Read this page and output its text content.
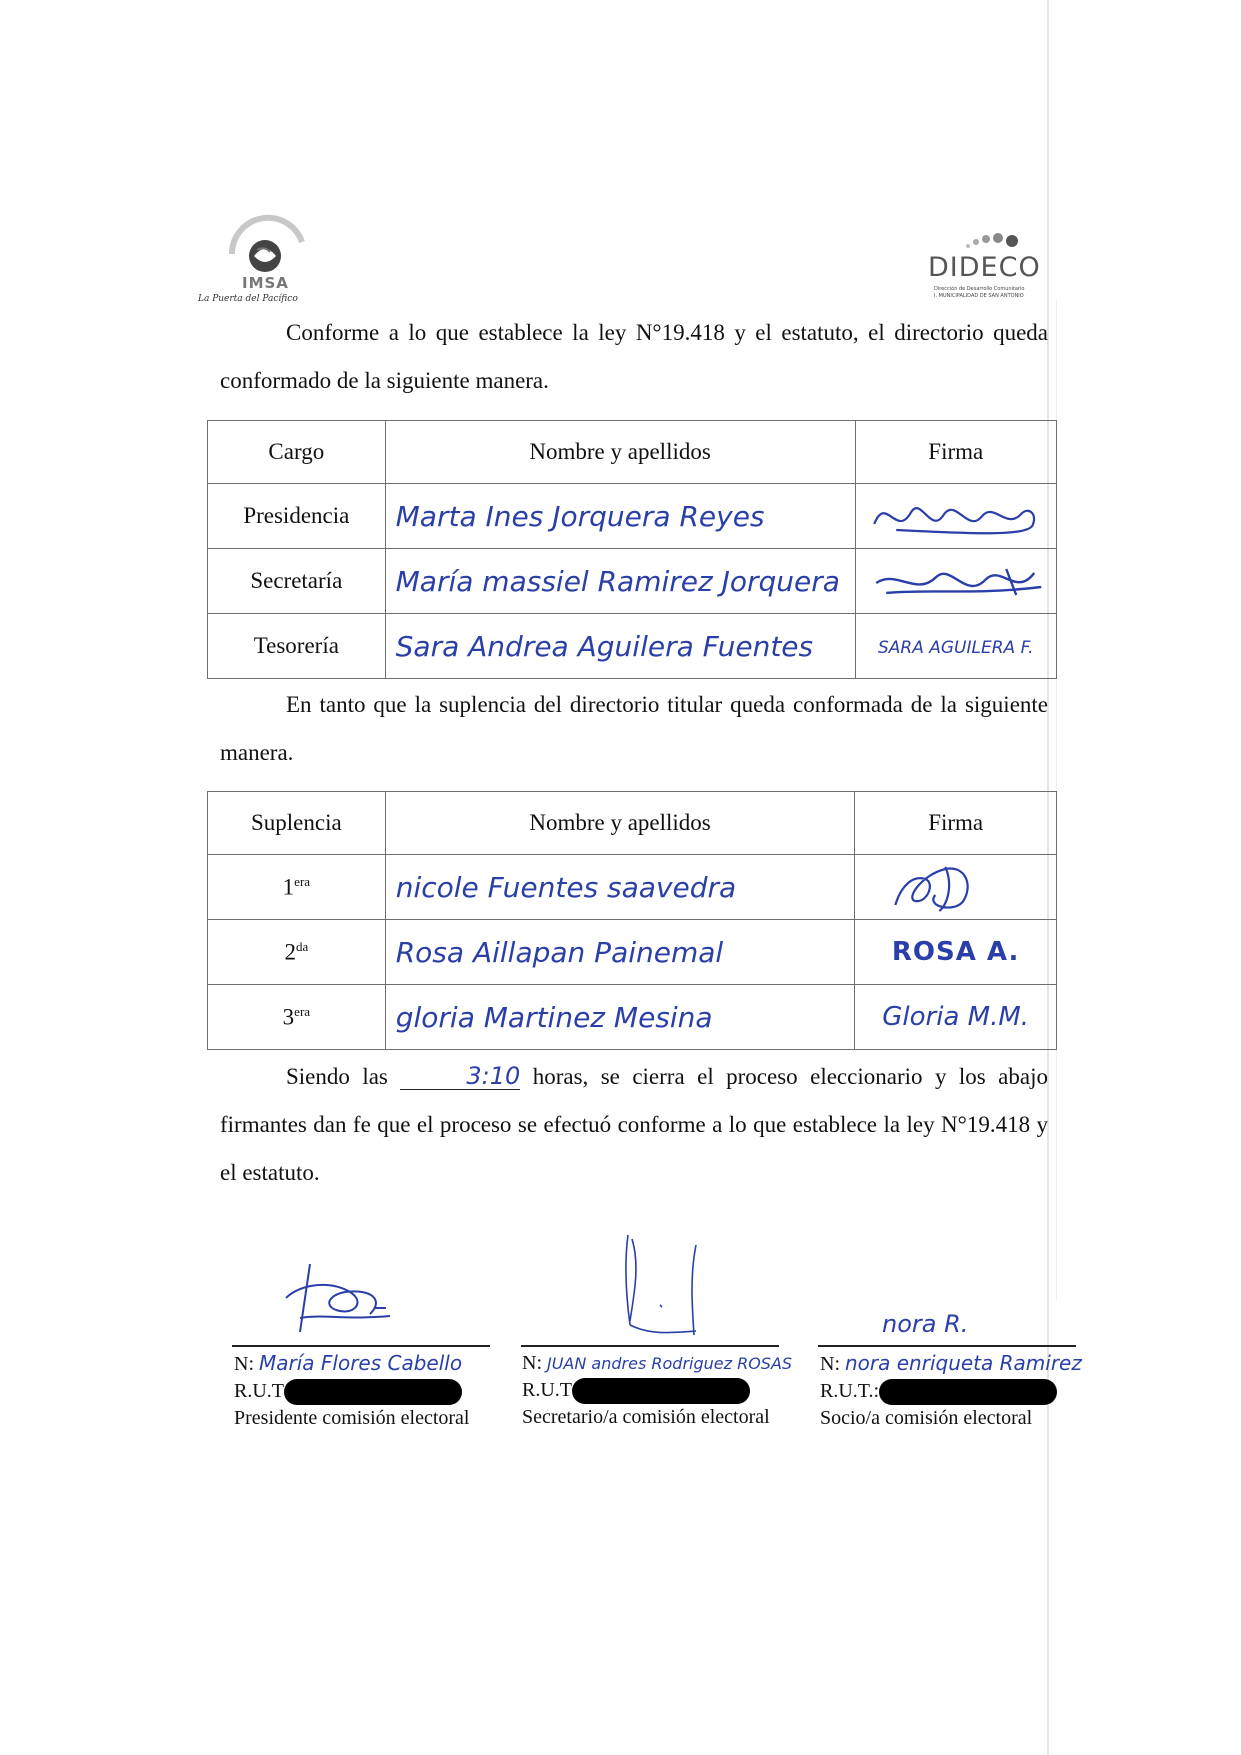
IMSA
La Puerta del Pacífico
DIDECO
Dirección de Desarrollo Comunitario
I. MUNICIPALIDAD DE SAN ANTONIO
Conforme a lo que establece la ley N°19.418 y el estatuto, el directorio queda conformado de la siguiente manera.
Cargo	Nombre y apellidos	Firma
Presidencia	Marta Ines Jorquera Reyes	

Secretaría	María massiel Ramirez Jorquera	

Tesorería	Sara Andrea Aguilera Fuentes	SARA AGUILERA F.
En tanto que la suplencia del directorio titular queda conformada de la siguiente manera.
Suplencia	Nombre y apellidos	Firma
$1^{era}$	nicole Fuentes saavedra	

$2^{da}$	Rosa Aillapan Painemal	ROSA A.
$3^{era}$	gloria Martinez Mesina	Gloria M.M.
Siendo las	3:10 horas, se cierra el proceso eleccionario y los abajo firmantes dan fe que el proceso se efectuó conforme a lo que establece la ley N°19.418 y el estatuto.
nora R.
N: María Flores Cabello
R.U.T
Presidente comisión electoral
N: JUAN andres Rodriguez ROSAS
R.U.T
Secretario/a comisión electoral
N: nora enriqueta Ramirez
R.U.T.:
Socio/a comisión electoral
